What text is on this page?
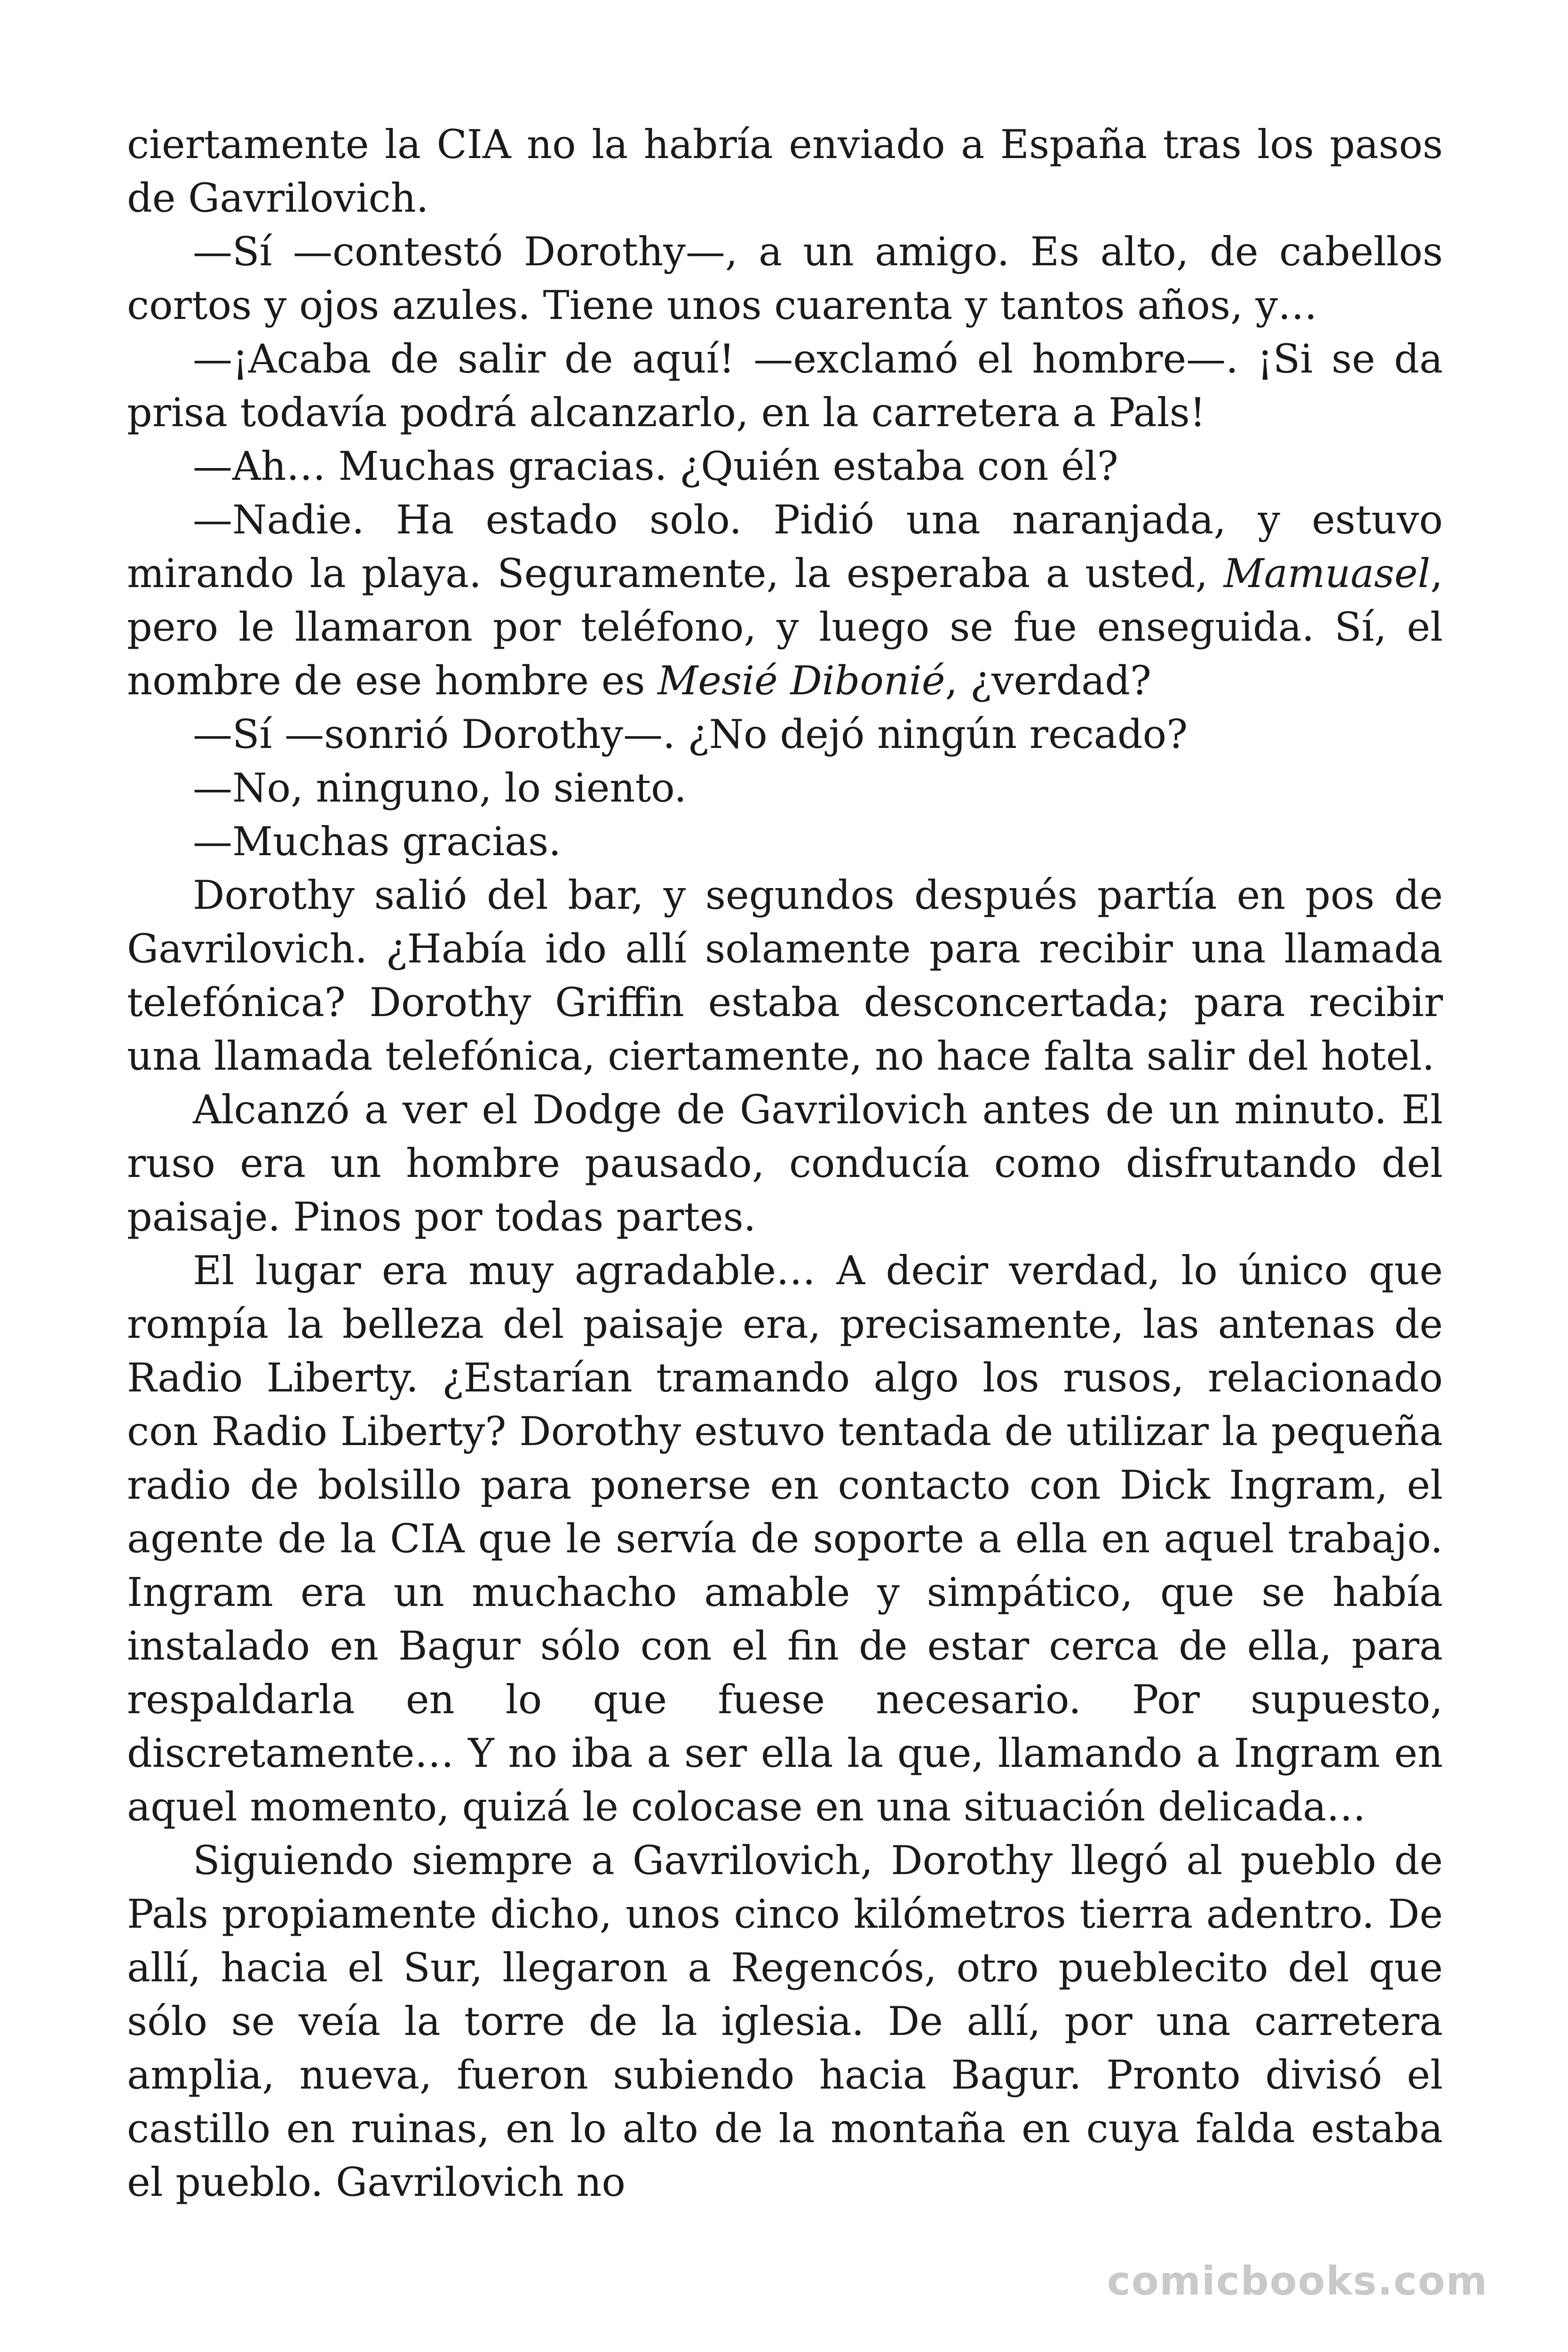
ciertamente la CIA no la habría enviado a España tras los pasos de Gavrilovich.

—Sí —contestó Dorothy—, a un amigo. Es alto, de cabellos cortos y ojos azules. Tiene unos cuarenta y tantos años, y…

—¡Acaba de salir de aquí! —exclamó el hombre—. ¡Si se da prisa todavía podrá alcanzarlo, en la carretera a Pals!

—Ah… Muchas gracias. ¿Quién estaba con él?

—Nadie. Ha estado solo. Pidió una naranjada, y estuvo mirando la playa. Seguramente, la esperaba a usted, Mamuasel, pero le llamaron por teléfono, y luego se fue enseguida. Sí, el nombre de ese hombre es Mesié Dibonié, ¿verdad?

—Sí —sonrió Dorothy—. ¿No dejó ningún recado?

—No, ninguno, lo siento.

—Muchas gracias.

Dorothy salió del bar, y segundos después partía en pos de Gavrilovich. ¿Había ido allí solamente para recibir una llamada telefónica? Dorothy Griffin estaba desconcertada; para recibir una llamada telefónica, ciertamente, no hace falta salir del hotel.

Alcanzó a ver el Dodge de Gavrilovich antes de un minuto. El ruso era un hombre pausado, conducía como disfrutando del paisaje. Pinos por todas partes.

El lugar era muy agradable… A decir verdad, lo único que rompía la belleza del paisaje era, precisamente, las antenas de Radio Liberty. ¿Estarían tramando algo los rusos, relacionado con Radio Liberty? Dorothy estuvo tentada de utilizar la pequeña radio de bolsillo para ponerse en contacto con Dick Ingram, el agente de la CIA que le servía de soporte a ella en aquel trabajo. Ingram era un muchacho amable y simpático, que se había instalado en Bagur sólo con el fin de estar cerca de ella, para respaldarla en lo que fuese necesario. Por supuesto, discretamente… Y no iba a ser ella la que, llamando a Ingram en aquel momento, quizá le colocase en una situación delicada…

Siguiendo siempre a Gavrilovich, Dorothy llegó al pueblo de Pals propiamente dicho, unos cinco kilómetros tierra adentro. De allí, hacia el Sur, llegaron a Regencós, otro pueblecito del que sólo se veía la torre de la iglesia. De allí, por una carretera amplia, nueva, fueron subiendo hacia Bagur. Pronto divisó el castillo en ruinas, en lo alto de la montaña en cuya falda estaba el pueblo. Gavrilovich no

comicbooks.com
